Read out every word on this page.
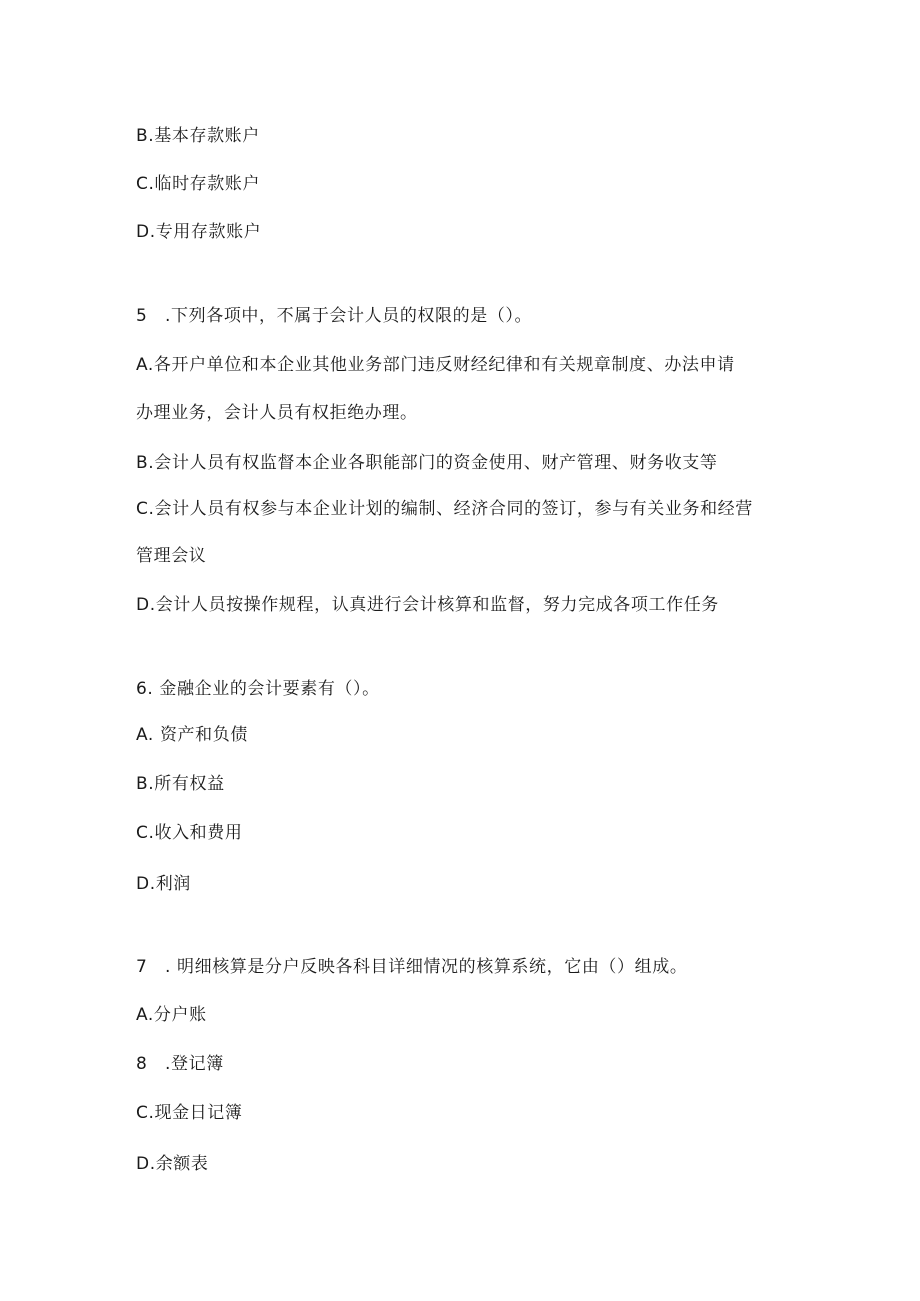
B.基本存款账户
C.临时存款账户
D.专用存款账户
5　.下列各项中，不属于会计人员的权限的是（）。
A.各开户单位和本企业其他业务部门违反财经纪律和有关规章制度、办法申请
办理业务，会计人员有权拒绝办理。
B.会计人员有权监督本企业各职能部门的资金使用、财产管理、财务收支等
C.会计人员有权参与本企业计划的编制、经济合同的签订，参与有关业务和经营
管理会议
D.会计人员按操作规程，认真进行会计核算和监督，努力完成各项工作任务
6. 金融企业的会计要素有（）。
A. 资产和负债
B.所有权益
C.收入和费用
D.利润
7　. 明细核算是分户反映各科目详细情况的核算系统，它由（）组成。
A.分户账
8　.登记簿
C.现金日记簿
D.余额表
